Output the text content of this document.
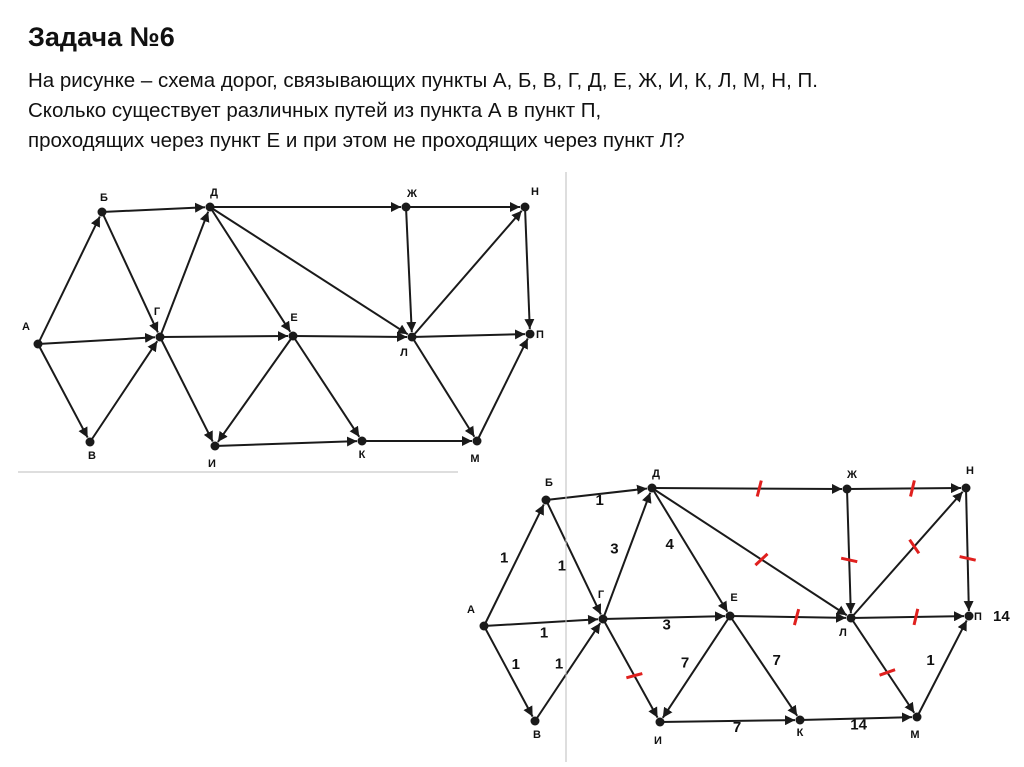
Задача №6
На рисунке – схема дорог, связывающих пункты А, Б, В, Г, Д, Е, Ж, И, К, Л, М, Н, П.
Сколько существует различных путей из пункта А в пункт П,
проходящих через пункт Е и при этом не проходящих через пункт Л?
А
Б
В
Г
Д
Е
Ж
И
К
Л
М
Н
П
1
1
1
1
1
1
3
3
4
7	7
7	14
1
А
Б
В
Г
Д
Е
Ж
И
К
Л
М
Н
П 14
